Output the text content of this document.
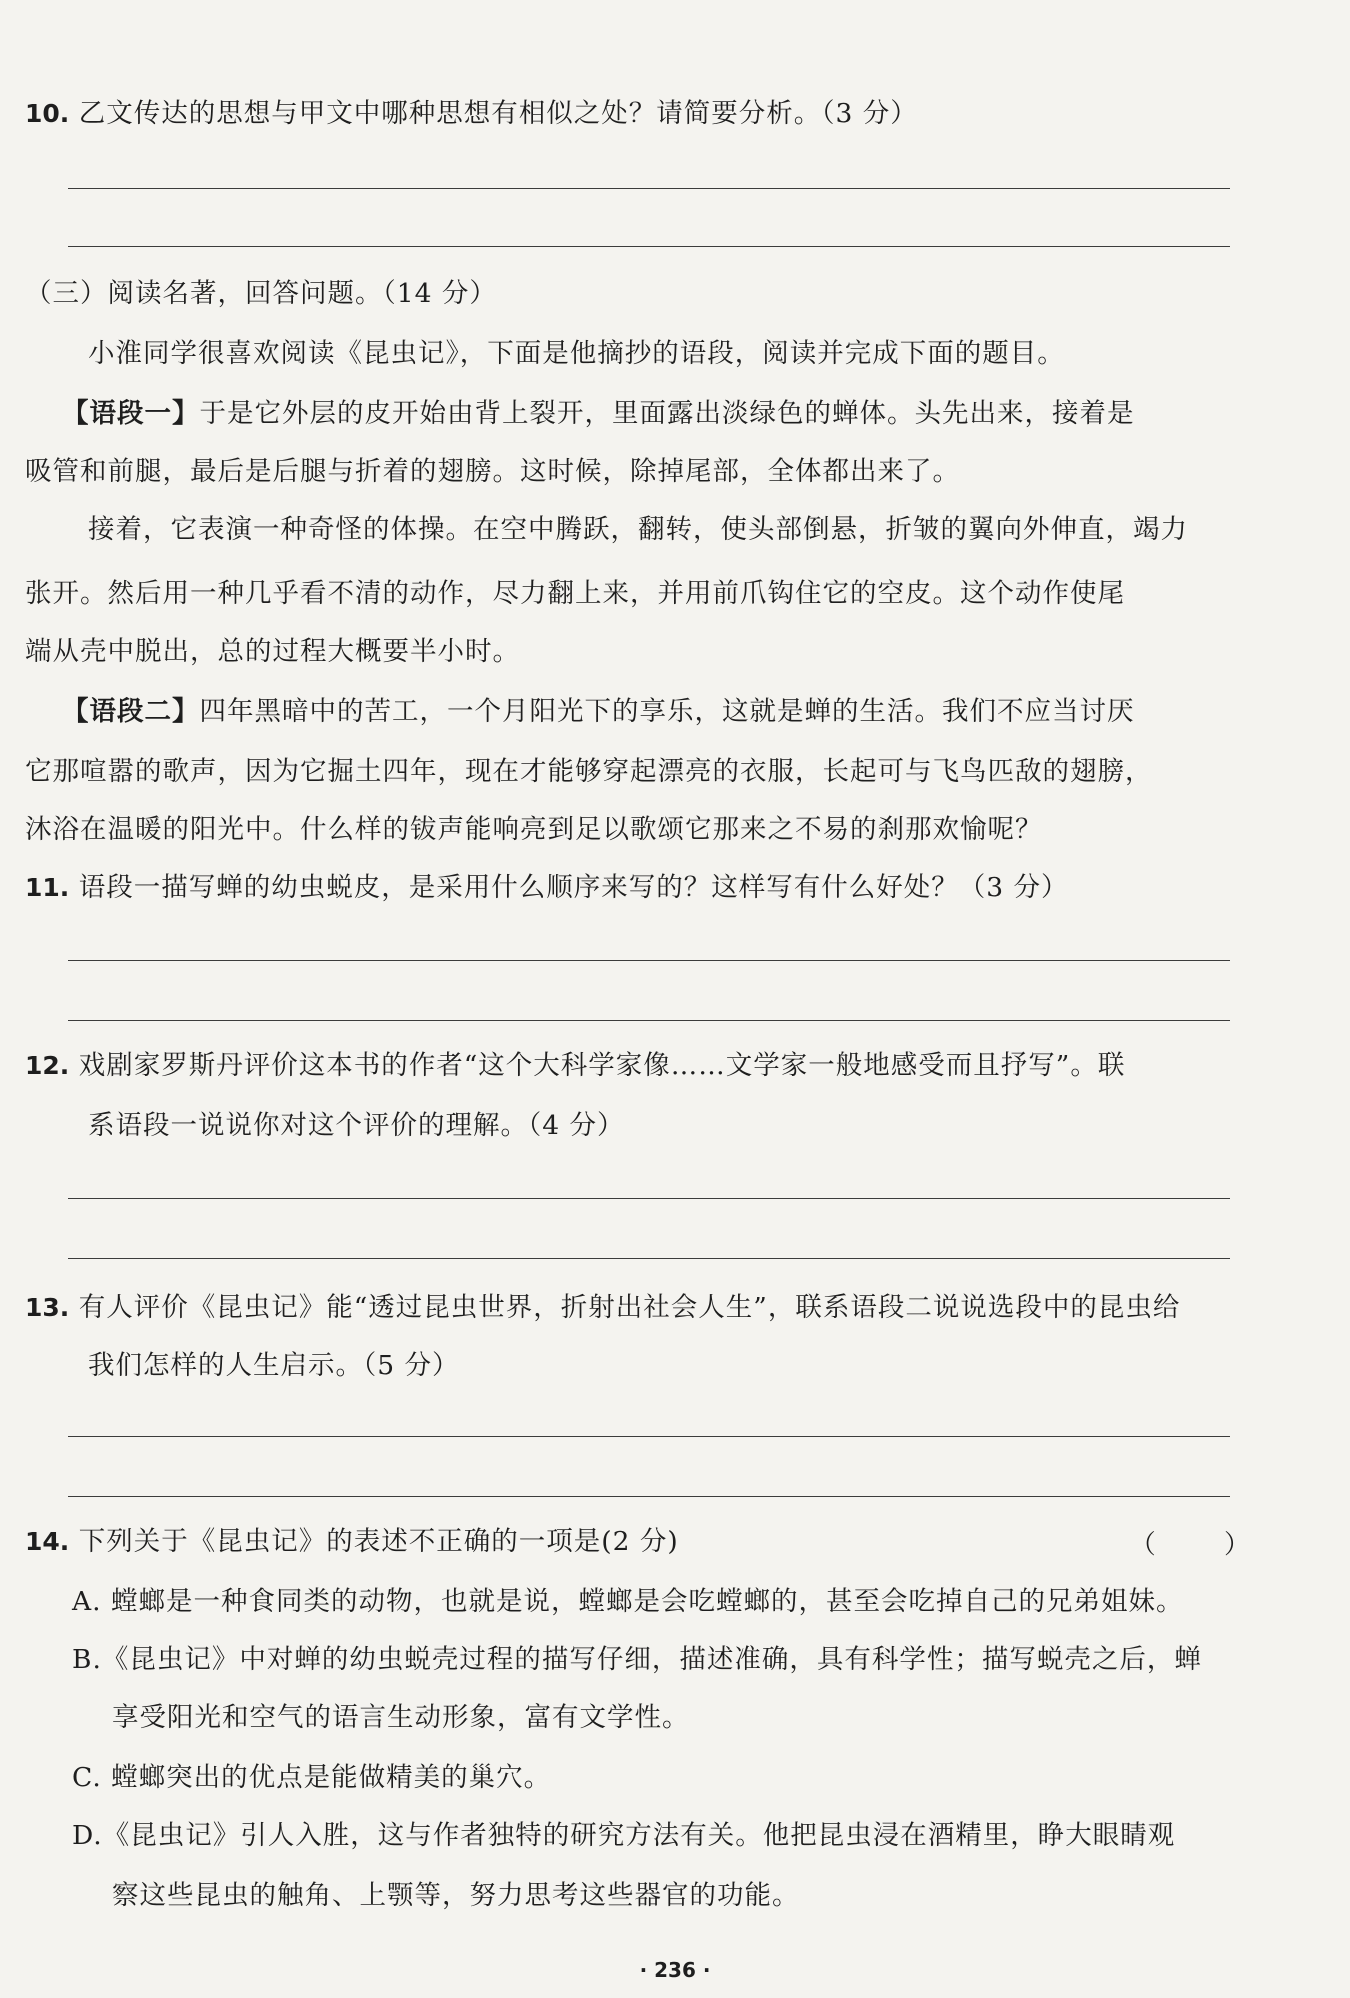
10. 乙文传达的思想与甲文中哪种思想有相似之处？请简要分析。（3 分）
（三）阅读名著，回答问题。（14 分）
小淮同学很喜欢阅读《昆虫记》，下面是他摘抄的语段，阅读并完成下面的题目。
【语段一】于是它外层的皮开始由背上裂开，里面露出淡绿色的蝉体。头先出来，接着是
吸管和前腿，最后是后腿与折着的翅膀。这时候，除掉尾部，全体都出来了。
接着，它表演一种奇怪的体操。在空中腾跃，翻转，使头部倒悬，折皱的翼向外伸直，竭力
张开。然后用一种几乎看不清的动作，尽力翻上来，并用前爪钩住它的空皮。这个动作使尾
端从壳中脱出，总的过程大概要半小时。
【语段二】四年黑暗中的苦工，一个月阳光下的享乐，这就是蝉的生活。我们不应当讨厌
它那喧嚣的歌声，因为它掘土四年，现在才能够穿起漂亮的衣服，长起可与飞鸟匹敌的翅膀，
沐浴在温暖的阳光中。什么样的钹声能响亮到足以歌颂它那来之不易的刹那欢愉呢？
11. 语段一描写蝉的幼虫蜕皮，是采用什么顺序来写的？这样写有什么好处？（3 分）
12. 戏剧家罗斯丹评价这本书的作者“这个大科学家像……文学家一般地感受而且抒写”。联
系语段一说说你对这个评价的理解。（4 分）
13. 有人评价《昆虫记》能“透过昆虫世界，折射出社会人生”，联系语段二说说选段中的昆虫给
我们怎样的人生启示。（5 分）
14. 下列关于《昆虫记》的表述不正确的一项是(2 分)	（ ）
A. 螳螂是一种食同类的动物，也就是说，螳螂是会吃螳螂的，甚至会吃掉自己的兄弟姐妹。
B.《昆虫记》中对蝉的幼虫蜕壳过程的描写仔细，描述准确，具有科学性；描写蜕壳之后，蝉
享受阳光和空气的语言生动形象，富有文学性。
C. 螳螂突出的优点是能做精美的巢穴。
D.《昆虫记》引人入胜，这与作者独特的研究方法有关。他把昆虫浸在酒精里，睁大眼睛观
察这些昆虫的触角、上颚等，努力思考这些器官的功能。
· 236 ·
